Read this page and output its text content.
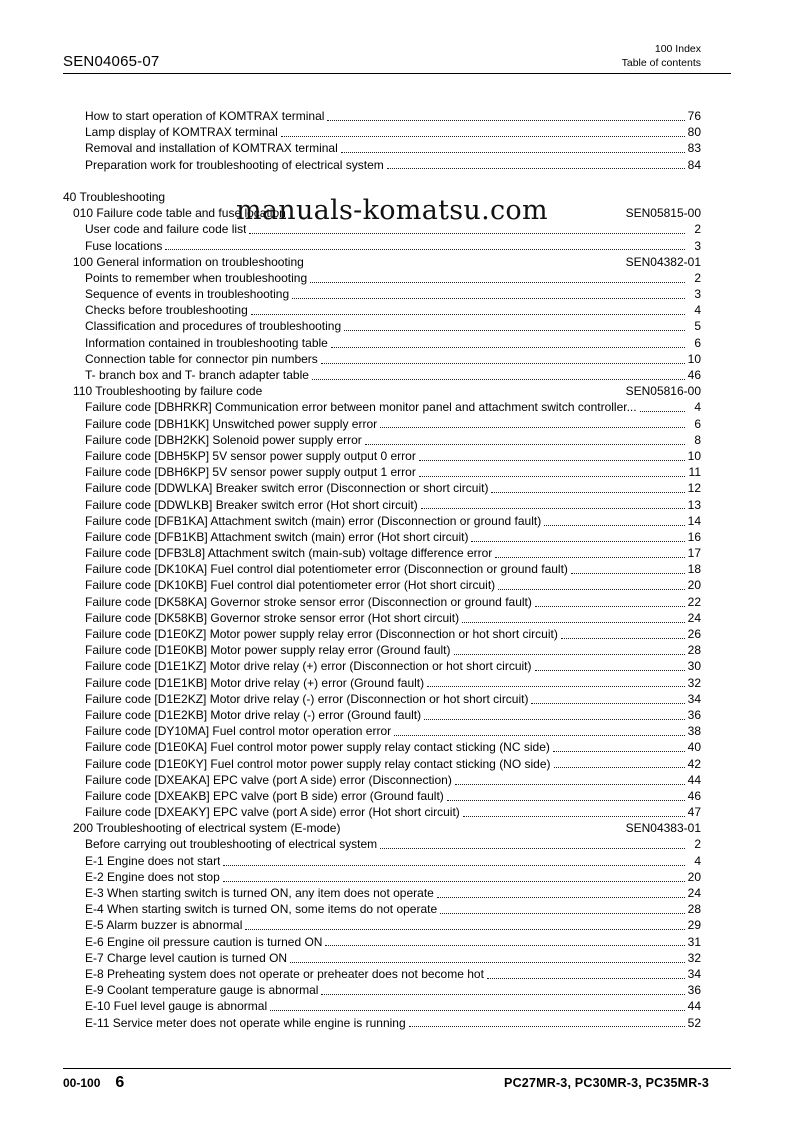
SEN04065-07
100 Index
Table of contents
How to start operation of KOMTRAX terminal	76
Lamp display of KOMTRAX terminal	80
Removal and installation of KOMTRAX terminal	83
Preparation work for troubleshooting of electrical system	84
40 Troubleshooting
010 Failure code table and fuse location	SEN05815-00
User code and failure code list	2
Fuse locations	3
100 General information on troubleshooting	SEN04382-01
Points to remember when troubleshooting	2
Sequence of events in troubleshooting	3
Checks before troubleshooting	4
Classification and procedures of troubleshooting	5
Information contained in troubleshooting table	6
Connection table for connector pin numbers	10
T- branch box and T- branch adapter table	46
110 Troubleshooting by failure code	SEN05816-00
Failure code [DBHRKR] Communication error between monitor panel and attachment switch controller...	4
Failure code [DBH1KK] Unswitched power supply error	6
Failure code [DBH2KK] Solenoid power supply error	8
Failure code [DBH5KP] 5V sensor power supply output 0 error	10
Failure code [DBH6KP] 5V sensor power supply output 1 error	11
Failure code [DDWLKA] Breaker switch error (Disconnection or short circuit)	12
Failure code [DDWLKB] Breaker switch error (Hot short circuit)	13
Failure code [DFB1KA] Attachment switch (main) error (Disconnection or ground fault)	14
Failure code [DFB1KB] Attachment switch (main) error (Hot short circuit)	16
Failure code [DFB3L8] Attachment switch (main-sub) voltage difference error	17
Failure code [DK10KA] Fuel control dial potentiometer error (Disconnection or ground fault)	18
Failure code [DK10KB] Fuel control dial potentiometer error (Hot short circuit)	20
Failure code [DK58KA] Governor stroke sensor error (Disconnection or ground fault)	22
Failure code [DK58KB] Governor stroke sensor error (Hot short circuit)	24
Failure code [D1E0KZ] Motor power supply relay error (Disconnection or hot short circuit)	26
Failure code [D1E0KB] Motor power supply relay error (Ground fault)	28
Failure code [D1E1KZ] Motor drive relay (+) error (Disconnection or hot short circuit)	30
Failure code [D1E1KB] Motor drive relay (+) error (Ground fault)	32
Failure code [D1E2KZ] Motor drive relay (-) error (Disconnection or hot short circuit)	34
Failure code [D1E2KB] Motor drive relay (-) error (Ground fault)	36
Failure code [DY10MA] Fuel control motor operation error	38
Failure code [D1E0KA] Fuel control motor power supply relay contact sticking (NC side)	40
Failure code [D1E0KY] Fuel control motor power supply relay contact sticking (NO side)	42
Failure code [DXEAKA] EPC valve (port A side) error (Disconnection)	44
Failure code [DXEAKB] EPC valve (port B side) error (Ground fault)	46
Failure code [DXEAKY] EPC valve (port A side) error (Hot short circuit)	47
200 Troubleshooting of electrical system (E-mode)	SEN04383-01
Before carrying out troubleshooting of electrical system	2
E-1 Engine does not start	4
E-2 Engine does not stop	20
E-3 When starting switch is turned ON, any item does not operate	24
E-4 When starting switch is turned ON, some items do not operate	28
E-5 Alarm buzzer is abnormal	29
E-6 Engine oil pressure caution is turned ON	31
E-7 Charge level caution is turned ON	32
E-8 Preheating system does not operate or preheater does not become hot	34
E-9 Coolant temperature gauge is abnormal	36
E-10 Fuel level gauge is abnormal	44
E-11 Service meter does not operate while engine is running	52
manuals-komatsu.com
00-100 6	PC27MR-3, PC30MR-3, PC35MR-3
